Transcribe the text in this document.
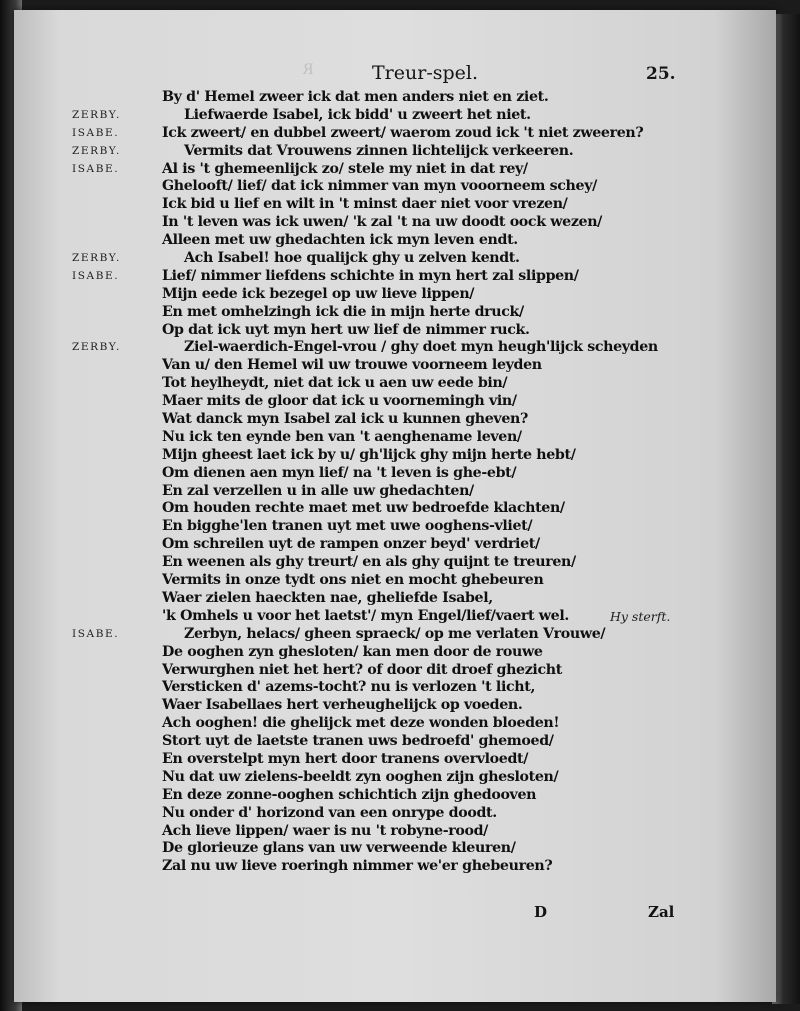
R	Treur-spel.	25.
By d' Hemel zweer ick dat men anders niet en ziet.
ZERBY.	Liefwaerde Isabel, ick bidd' u zweert het niet.
ISABE.	Ick zweert/ en dubbel zweert/ waerom zoud ick 't niet zweeren?
ZERBY.	Vermits dat Vrouwens zinnen lichtelijck verkeeren.
ISABE.	Al is 't ghemeenlijck zo/ stele my niet in dat rey/
Ghelooft/ lief/ dat ick nimmer van myn vooorneem schey/
Ick bid u lief en wilt in 't minst daer niet voor vrezen/
In 't leven was ick uwen/ 'k zal 't na uw doodt oock wezen/
Alleen met uw ghedachten ick myn leven endt.
ZERBY.	Ach Isabel! hoe qualijck ghy u zelven kendt.
ISABE.	Lief/ nimmer liefdens schichte in myn hert zal slippen/
Mijn eede ick bezegel op uw lieve lippen/
En met omhelzingh ick die in mijn herte druck/
Op dat ick uyt myn hert uw lief de nimmer ruck.
ZERBY.	Ziel-waerdich-Engel-vrou / ghy doet myn heugh'lijck scheyden
Van u/ den Hemel wil uw trouwe voorneem leyden
Tot heylheydt, niet dat ick u aen uw eede bin/
Maer mits de gloor dat ick u voornemingh vin/
Wat danck myn Isabel zal ick u kunnen gheven?
Nu ick ten eynde ben van 't aenghename leven/
Mijn gheest laet ick by u/ gh'lijck ghy mijn herte hebt/
Om dienen aen myn lief/ na 't leven is ghe-ebt/
En zal verzellen u in alle uw ghedachten/
Om houden rechte maet met uw bedroefde klachten/
En bigghe'len tranen uyt met uwe ooghens-vliet/
Om schreilen uyt de rampen onzer beyd' verdriet/
En weenen als ghy treurt/ en als ghy quijnt te treuren/
Vermits in onze tydt ons niet en mocht ghebeuren
Waer zielen haeckten nae, gheliefde Isabel,
'k Omhels u voor het laetst'/ myn Engel/lief/vaert wel.	Hy sterft.
ISABE.	Zerbyn, helacs/ gheen spraeck/ op me verlaten Vrouwe/
De ooghen zyn ghesloten/ kan men door de rouwe
Verwurghen niet het hert? of door dit droef ghezicht
Versticken d' azems-tocht? nu is verlozen 't licht,
Waer Isabellaes hert verheughelijck op voeden.
Ach ooghen! die ghelijck met deze wonden bloeden!
Stort uyt de laetste tranen uws bedroefd' ghemoed/
En overstelpt myn hert door tranens overvloedt/
Nu dat uw zielens-beeldt zyn ooghen zijn ghesloten/
En deze zonne-ooghen schichtich zijn ghedooven
Nu onder d' horizond van een onrype doodt.
Ach lieve lippen/ waer is nu 't robyne-rood/
De glorieuze glans van uw verweende kleuren/
Zal nu uw lieve roeringh nimmer we'er ghebeuren?
D	Zal
